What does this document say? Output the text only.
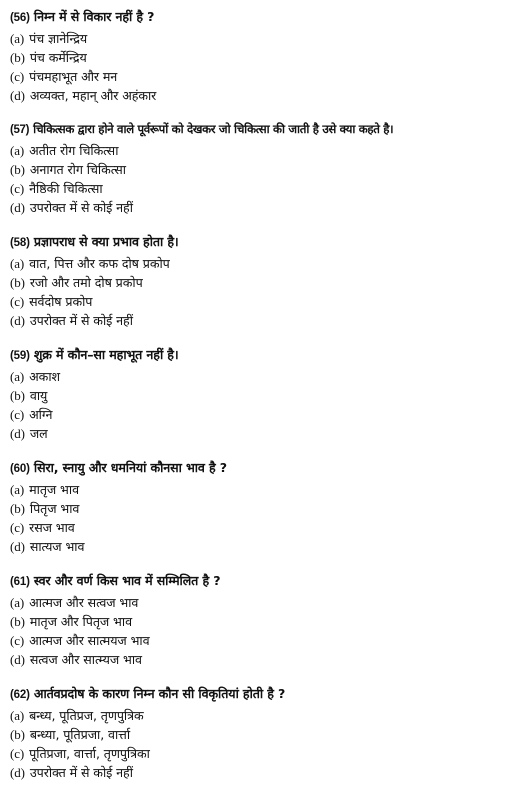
(56) निम्न में से विकार नहीं है ?
(a) पंच ज्ञानेन्द्रिय
(b) पंच कर्मेन्द्रिय
(c) पंचमहाभूत और मन
(d) अव्यक्त, महान् और अहंकार
(57) चिकित्सक द्वारा होने वाले पूर्वरूपों को देखकर जो चिकित्सा की जाती है उसे क्या कहते है।
(a) अतीत रोग चिकित्सा
(b) अनागत रोग चिकित्सा
(c) नैष्ठिकी चिकित्सा
(d) उपरोक्त में से कोई नहीं
(58) प्रज्ञापराध से क्या प्रभाव होता है।
(a) वात, पित्त और कफ दोष प्रकोप
(b) रजो और तमो दोष प्रकोप
(c) सर्वदोष प्रकोप
(d) उपरोक्त में से कोई नहीं
(59) शुक्र में कौन–सा महाभूत नहीं है।
(a) अकाश
(b) वायु
(c) अग्नि
(d) जल
(60) सिरा, स्नायु और धमनियां कौनसा भाव है ?
(a) मातृज भाव
(b) पितृज भाव
(c) रसज भाव
(d) सात्यज भाव
(61) स्वर और वर्ण किस भाव में सम्मिलित है ?
(a) आत्मज और सत्वज भाव
(b) मातृज और पितृज भाव
(c) आत्मज और सात्मयज भाव
(d) सत्वज और सात्म्यज भाव
(62) आर्तवप्रदोष के कारण निम्न कौन सी विकृतियां होती है ?
(a) बन्ध्य, पूतिप्रज, तृणपुत्रिक
(b) बन्ध्या, पूतिप्रजा, वार्त्ता
(c) पूतिप्रजा, वार्त्ता, तृणपुत्रिका
(d) उपरोक्त में से कोई नहीं
